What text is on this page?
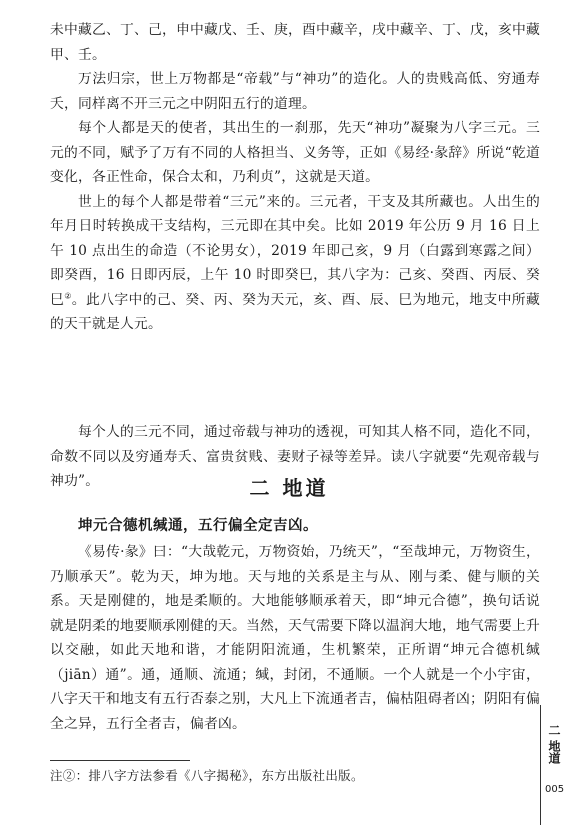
未中藏乙、丁、己，申中藏戊、壬、庚，酉中藏辛，戌中藏辛、丁、戊，亥中藏甲、壬。

万法归宗，世上万物都是“帝载”与“神功”的造化。人的贵贱高低、穷通寿夭，同样离不开三元之中阴阳五行的道理。

每个人都是天的使者，其出生的一刹那，先天“神功”凝聚为八字三元。三元的不同，赋予了万有不同的人格担当、义务等，正如《易经·彖辞》所说“乾道变化，各正性命，保合太和，乃利贞”，这就是天道。

世上的每个人都是带着“三元”来的。三元者，干支及其所藏也。人出生的年月日时转换成干支结构，三元即在其中矣。比如 2019 年公历 9 月 16 日上午 10 点出生的命造（不论男女），2019 年即己亥，9 月（白露到寒露之间）即癸酉，16 日即丙辰，上午 10 时即癸巳，其八字为：己亥、癸酉、丙辰、癸巳②。此八字中的己、癸、丙、癸为天元，亥、酉、辰、巳为地元，地支中所藏的天干就是人元。

每个人的三元不同，通过帝载与神功的透视，可知其人格不同，造化不同，命数不同以及穷通寿夭、富贵贫贱、妻财子禄等差异。读八字就要“先观帝载与神功”。	二 地道
坤元合德机缄通，五行偏全定吉凶。

《易传·彖》曰：“大哉乾元，万物资始，乃统天”，“至哉坤元，万物资生，乃顺承天”。乾为天，坤为地。天与地的关系是主与从、刚与柔、健与顺的关系。天是刚健的，地是柔顺的。大地能够顺承着天，即“坤元合德”，换句话说就是阴柔的地要顺承刚健的天。当然，天气需要下降以温润大地，地气需要上升以交融，如此天地和谐，才能阴阳流通，生机繁荣，正所谓“坤元合德机缄（jiān）通”。通，通顺、流通；缄，封闭，不通顺。一个人就是一个小宇宙，八字天干和地支有五行否泰之别，大凡上下流通者吉，偏枯阻碍者凶；阴阳有偏全之异，五行全者吉，偏者凶。

注②：排八字方法参看《八字揭秘》，东方出版社出版。
二 地道
005
